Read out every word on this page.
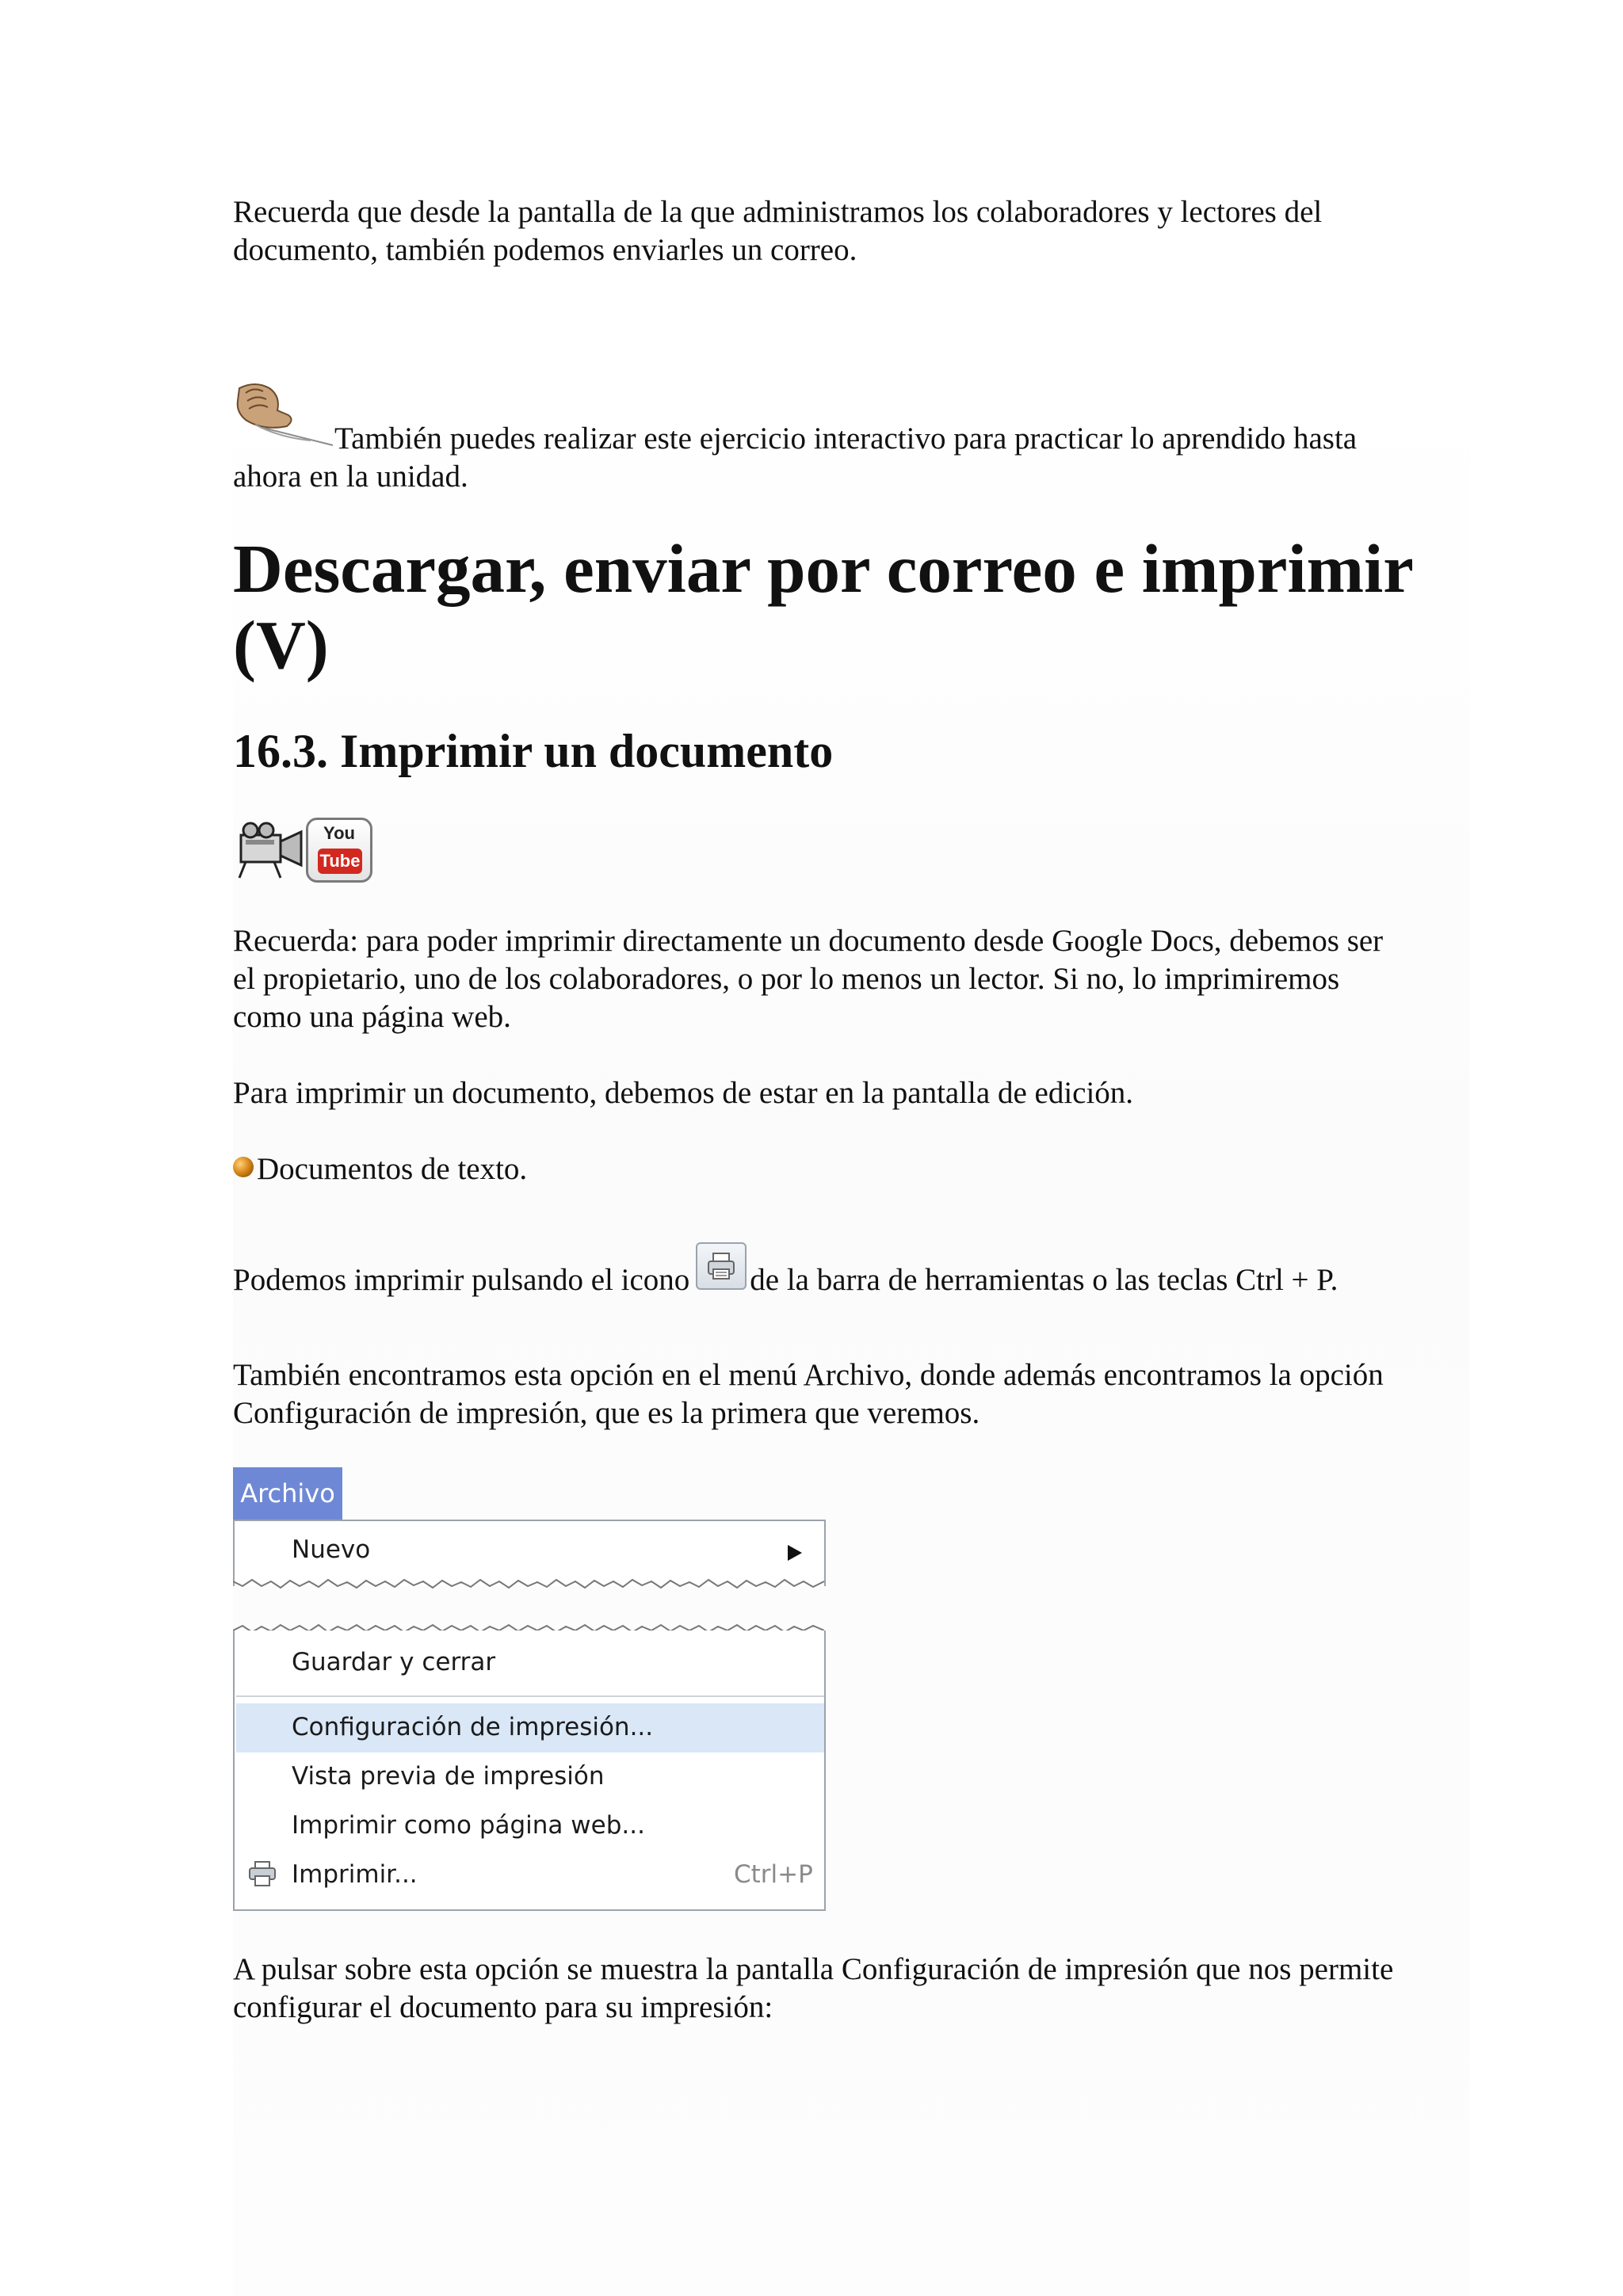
Recuerda que desde la pantalla de la que administramos los colaboradores y lectores del documento, también podemos enviarles un correo.

También puedes realizar este ejercicio interactivo para practicar lo aprendido hasta ahora en la unidad.

Descargar, enviar por correo e imprimir (V)
16.3. Imprimir un documento
You
Tube

Recuerda: para poder imprimir directamente un documento desde Google Docs, debemos ser el propietario, uno de los colaboradores, o por lo menos un lector. Si no, lo imprimiremos como una página web.

Para imprimir un documento, debemos de estar en la pantalla de edición.

Documentos de texto.

Podemos imprimir pulsando el icono de la barra de herramientas o las teclas Ctrl + P.

También encontramos esta opción en el menú Archivo, donde además encontramos la opción Configuración de impresión, que es la primera que veremos.

Archivo
Nuevo
Guardar y cerrar
Configuración de impresión...
Vista previa de impresión
Imprimir como página web...
Imprimir...	Ctrl+P

A pulsar sobre esta opción se muestra la pantalla Configuración de impresión que nos permite configurar el documento para su impresión:
